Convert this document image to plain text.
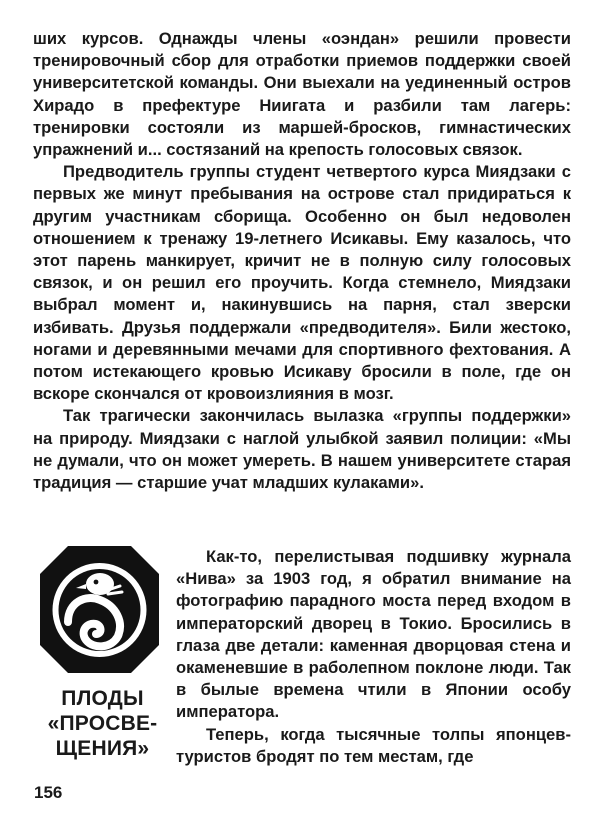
ших курсов. Однажды члены «оэндан» решили провести тренировочный сбор для отработки приемов поддержки своей университетской команды. Они выехали на уединенный остров Хирадо в префектуре Ниигата и разбили там лагерь: тренировки состояли из маршей-бросков, гимнастических упражнений и... состязаний на крепость голосовых связок.

Предводитель группы студент четвертого курса Миядзаки с первых же минут пребывания на острове стал придираться к другим участникам сборища. Особенно он был недоволен отношением к тренажу 19-летнего Исикавы. Ему казалось, что этот парень манкирует, кричит не в полную силу голосовых связок, и он решил его проучить. Когда стемнело, Миядзаки выбрал момент и, накинувшись на парня, стал зверски избивать. Друзья поддержали «предводителя». Били жестоко, ногами и деревянными мечами для спортивного фехтования. А потом истекающего кровью Исикаву бросили в поле, где он вскоре скончался от кровоизлияния в мозг.

Так трагически закончилась вылазка «группы поддержки» на природу. Миядзаки с наглой улыбкой заявил полиции: «Мы не думали, что он может умереть. В нашем университете старая традиция — старшие учат младших кулаками».

ПЛОДЫ
«ПРОСВЕ-
ЩЕНИЯ»

Как-то, перелистывая подшивку журнала «Нива» за 1903 год, я обратил внимание на фотографию парадного моста перед входом в императорский дворец в Токио. Бросились в глаза две детали: каменная дворцовая стена и окаменевшие в раболепном поклоне люди. Так в былые времена чтили в Японии особу императора.

Теперь, когда тысячные толпы японцев-туристов бродят по тем местам, где

156
